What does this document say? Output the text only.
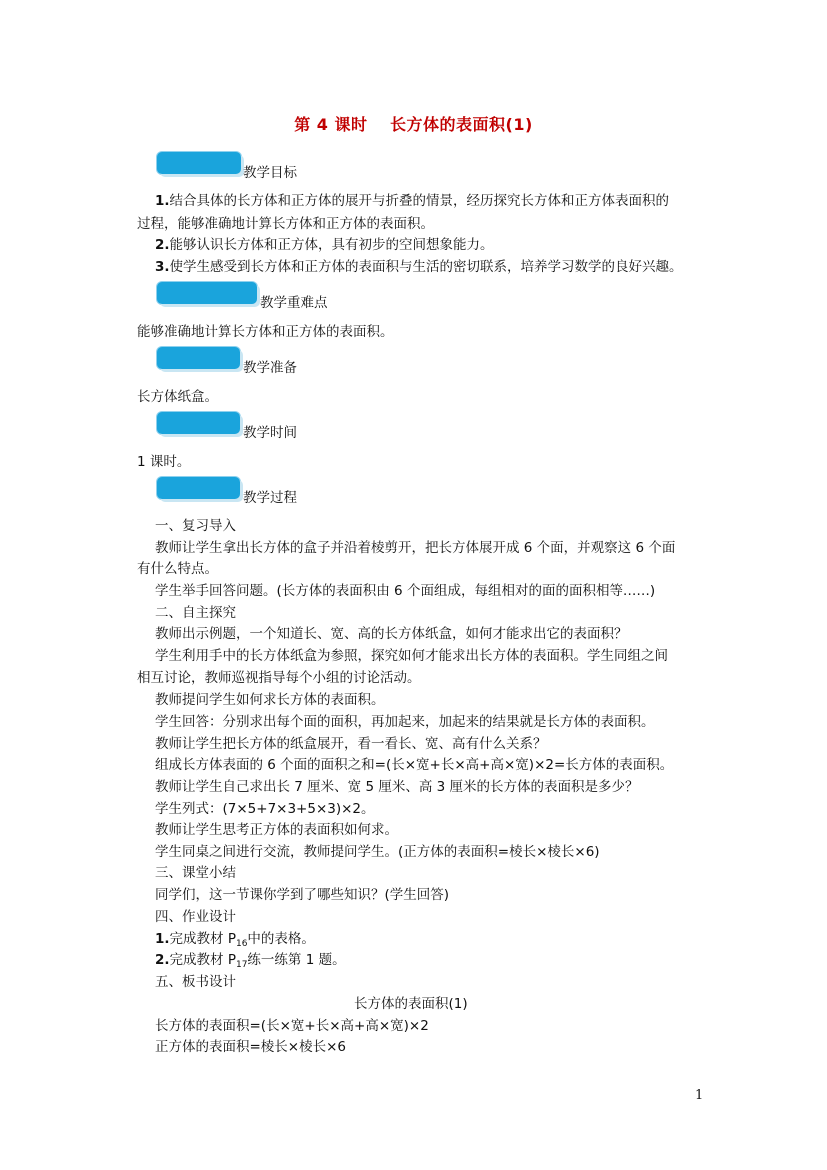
第 4 课时　 长方体的表面积(1)
教学目标
1.结合具体的长方体和正方体的展开与折叠的情景，经历探究长方体和正方体表面积的
过程，能够准确地计算长方体和正方体的表面积。
2.能够认识长方体和正方体，具有初步的空间想象能力。
3.使学生感受到长方体和正方体的表面积与生活的密切联系，培养学习数学的良好兴趣。
教学重难点
能够准确地计算长方体和正方体的表面积。
教学准备
长方体纸盒。
教学时间
1 课时。
教学过程
一、复习导入
教师让学生拿出长方体的盒子并沿着棱剪开，把长方体展开成 6 个面，并观察这 6 个面
有什么特点。
学生举手回答问题。(长方体的表面积由 6 个面组成，每组相对的面的面积相等……)
二、自主探究
教师出示例题，一个知道长、宽、高的长方体纸盒，如何才能求出它的表面积？
学生利用手中的长方体纸盒为参照，探究如何才能求出长方体的表面积。学生同组之间
相互讨论，教师巡视指导每个小组的讨论活动。
教师提问学生如何求长方体的表面积。
学生回答：分别求出每个面的面积，再加起来，加起来的结果就是长方体的表面积。
教师让学生把长方体的纸盒展开，看一看长、宽、高有什么关系？
组成长方体表面的 6 个面的面积之和=(长×宽+长×高+高×宽)×2=长方体的表面积。
教师让学生自己求出长 7 厘米、宽 5 厘米、高 3 厘米的长方体的表面积是多少？
学生列式：(7×5+7×3+5×3)×2。
教师让学生思考正方体的表面积如何求。
学生同桌之间进行交流，教师提问学生。(正方体的表面积=棱长×棱长×6)
三、课堂小结
同学们，这一节课你学到了哪些知识？(学生回答)
四、作业设计
1.完成教材 $P_{16}$中的表格。
2.完成教材 $P_{17}$练一练第 1 题。
五、板书设计
长方体的表面积(1)
长方体的表面积=(长×宽+长×高+高×宽)×2
正方体的表面积=棱长×棱长×6
1
